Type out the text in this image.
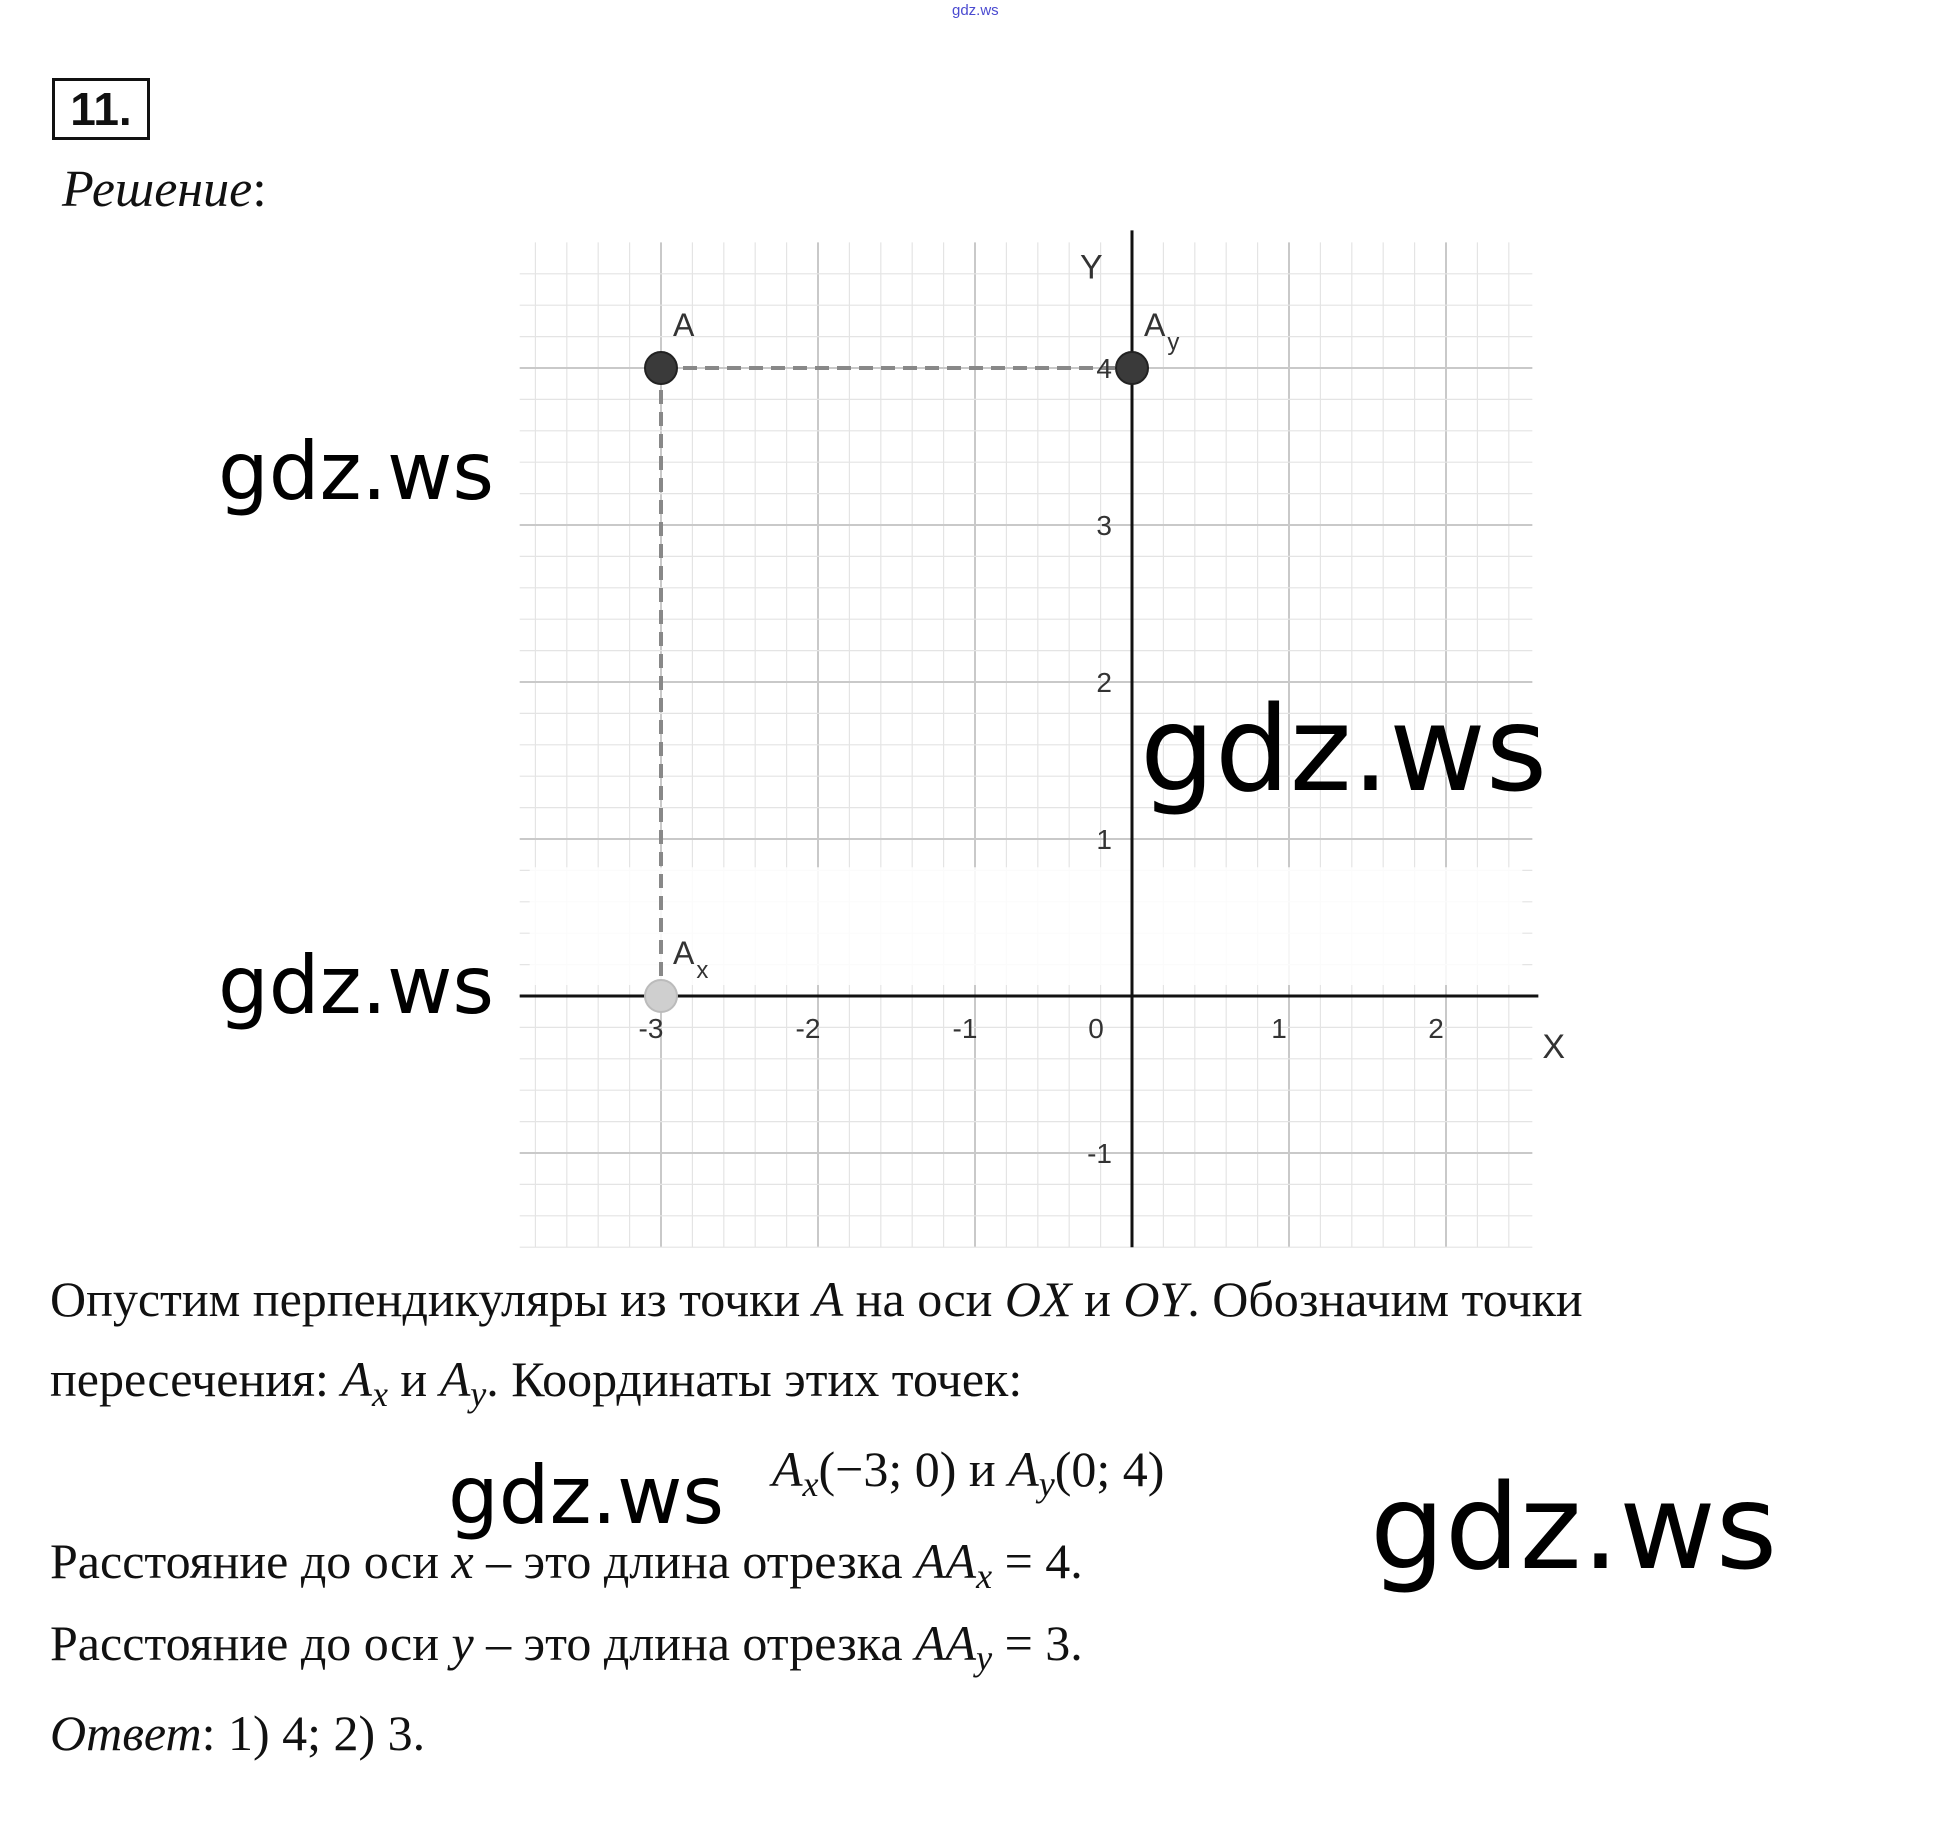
gdz.ws
11.
Решение:
X
Y
-3	-2	-1	0	1	2
4
3
2
1
-1
A	$A_y$
$A_x$
Опустим перпендикуляры из точки A на оси OX и OY. Обозначим точки
пересечения: $A_x$ и $A_y$. Координаты этих точек:
$A_x(-3$; 0) и $A_y(0$; 4)
Расстояние до оси x – это длина отрезка $AA_x = 4$.
Расстояние до оси y – это длина отрезка $AA_y = 3$.
Ответ: 1) 4; 2) 3.
gdz.ws
gdz.ws
gdz.ws
gdz.ws	gdz.ws
